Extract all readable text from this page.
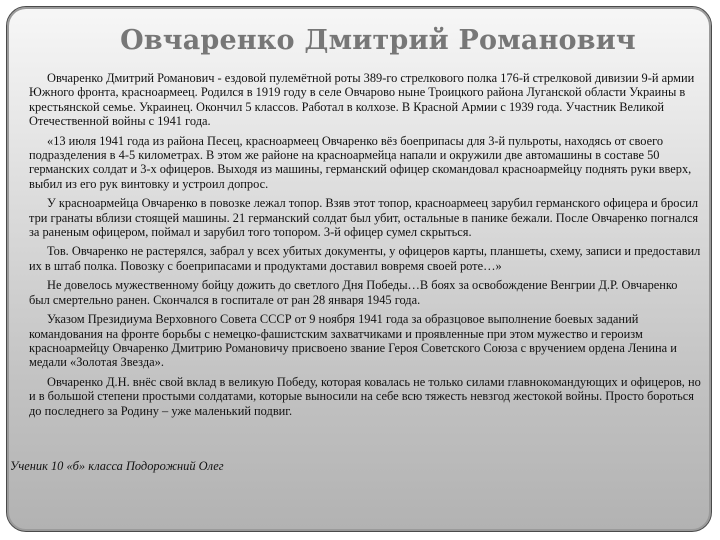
Овчаренко Дмитрий Романович

Овчаренко Дмитрий Романович - ездовой пулемётной роты 389-го стрелкового полка 176-й стрелковой дивизии 9-й армии Южного фронта, красноармеец. Родился в 1919 году в селе Овчарово ныне Троицкого района Луганской области Украины в крестьянской семье. Украинец. Окончил 5 классов. Работал в колхозе. В Красной Армии с 1939 года. Участник Великой Отечественной войны с 1941 года.

«13 июля 1941 года из района Песец, красноармеец Овчаренко вёз боеприпасы для 3-й пульроты, находясь от своего подразделения в 4-5 километрах. В этом же районе на красноармейца напали и окружили две автомашины в составе 50 германских солдат и 3-х офицеров. Выходя из машины, германский офицер скомандовал красноармейцу поднять руки вверх, выбил из его рук винтовку и устроил допрос.

У красноармейца Овчаренко в повозке лежал топор. Взяв этот топор, красноармеец зарубил германского офицера и бросил три гранаты вблизи стоящей машины. 21 германский солдат был убит, остальные в панике бежали. После Овчаренко погнался за раненым офицером, поймал и зарубил того топором. 3-й офицер сумел скрыться.

Тов. Овчаренко не растерялся, забрал у всех убитых документы, у офицеров карты, планшеты, схему, записи и предоставил их в штаб полка. Повозку с боеприпасами и продуктами доставил вовремя своей роте…»

Не довелось мужественному бойцу дожить до светлого Дня Победы…В боях за освобождение Венгрии Д.Р. Овчаренко был смертельно ранен. Скончался в госпитале от ран 28 января 1945 года.

Указом Президиума Верховного Совета СССР от 9 ноября 1941 года за образцовое выполнение боевых заданий командования на фронте борьбы с немецко-фашистским захватчиками и проявленные при этом мужество и героизм красноармейцу Овчаренко Дмитрию Романовичу присвоено звание Героя Советского Союза с вручением ордена Ленина и медали «Золотая Звезда».

Овчаренко Д.Н. внёс свой вклад в великую Победу, которая ковалась не только силами главнокомандующих и офицеров, но и в большой степени простыми солдатами, которые выносили на себе всю тяжесть невзгод жестокой войны. Просто бороться до последнего за Родину – уже маленький подвиг.

Ученик 10 «б» класса Подорожний Олег
